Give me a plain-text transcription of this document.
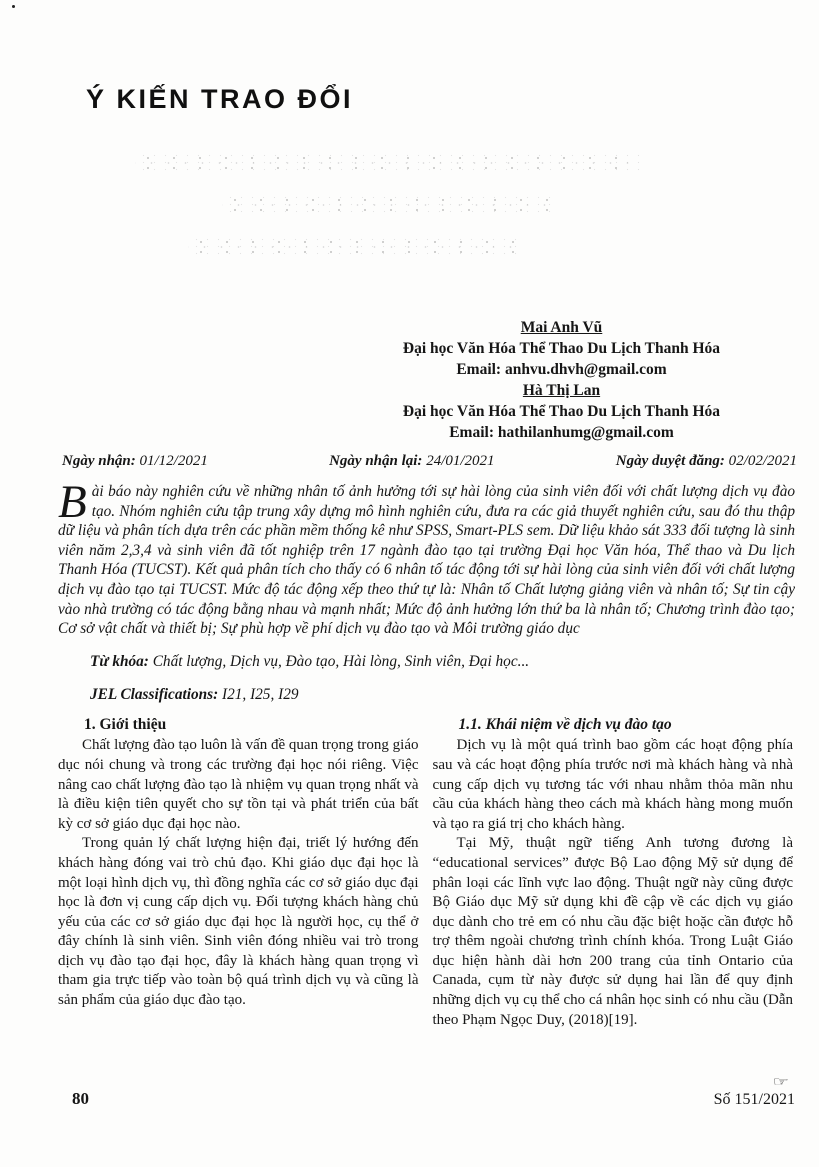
Ý KIẾN TRAO ĐỔI
Mai Anh Vũ
Đại học Văn Hóa Thể Thao Du Lịch Thanh Hóa
Email: anhvu.dhvh@gmail.com
Hà Thị Lan
Đại học Văn Hóa Thể Thao Du Lịch Thanh Hóa
Email: hathilanhumg@gmail.com
Ngày nhận: 01/12/2021	Ngày nhận lại: 24/01/2021	Ngày duyệt đăng: 02/02/2021
Bài báo này nghiên cứu về những nhân tố ảnh hưởng tới sự hài lòng của sinh viên đối với chất lượng dịch vụ đào tạo. Nhóm nghiên cứu tập trung xây dựng mô hình nghiên cứu, đưa ra các giả thuyết nghiên cứu, sau đó thu thập dữ liệu và phân tích dựa trên các phần mềm thống kê như SPSS, Smart-PLS sem. Dữ liệu khảo sát 333 đối tượng là sinh viên năm 2,3,4 và sinh viên đã tốt nghiệp trên 17 ngành đào tạo tại trường Đại học Văn hóa, Thể thao và Du lịch Thanh Hóa (TUCST). Kết quả phân tích cho thấy có 6 nhân tố tác động tới sự hài lòng của sinh viên đối với chất lượng dịch vụ đào tạo tại TUCST. Mức độ tác động xếp theo thứ tự là: Nhân tố Chất lượng giảng viên và nhân tố; Sự tin cậy vào nhà trường có tác động bằng nhau và mạnh nhất; Mức độ ảnh hưởng lớn thứ ba là nhân tố; Chương trình đào tạo; Cơ sở vật chất và thiết bị; Sự phù hợp về phí dịch vụ đào tạo và Môi trường giáo dục
Từ khóa: Chất lượng, Dịch vụ, Đào tạo, Hài lòng, Sinh viên, Đại học...
JEL Classifications: I21, I25, I29
1. Giới thiệu

Chất lượng đào tạo luôn là vấn đề quan trọng trong giáo dục nói chung và trong các trường đại học nói riêng. Việc nâng cao chất lượng đào tạo là nhiệm vụ quan trọng nhất và là điều kiện tiên quyết cho sự tồn tại và phát triển của bất kỳ cơ sở giáo dục đại học nào.

Trong quản lý chất lượng hiện đại, triết lý hướng đến khách hàng đóng vai trò chủ đạo. Khi giáo dục đại học là một loại hình dịch vụ, thì đồng nghĩa các cơ sở giáo dục đại học là đơn vị cung cấp dịch vụ. Đối tượng khách hàng chủ yếu của các cơ sở giáo dục đại học là người học, cụ thể ở đây chính là sinh viên. Sinh viên đóng nhiều vai trò trong dịch vụ đào tạo đại học, đây là khách hàng quan trọng vì tham gia trực tiếp vào toàn bộ quá trình dịch vụ và cũng là sản phẩm của giáo dục đào tạo.

1.1. Khái niệm về dịch vụ đào tạo

Dịch vụ là một quá trình bao gồm các hoạt động phía sau và các hoạt động phía trước nơi mà khách hàng và nhà cung cấp dịch vụ tương tác với nhau nhằm thỏa mãn nhu cầu của khách hàng theo cách mà khách hàng mong muốn và tạo ra giá trị cho khách hàng.

Tại Mỹ, thuật ngữ tiếng Anh tương đương là “educational services” được Bộ Lao động Mỹ sử dụng để phân loại các lĩnh vực lao động. Thuật ngữ này cũng được Bộ Giáo dục Mỹ sử dụng khi đề cập về các dịch vụ giáo dục dành cho trẻ em có nhu cầu đặc biệt hoặc cần được hỗ trợ thêm ngoài chương trình chính khóa. Trong Luật Giáo dục hiện hành dài hơn 200 trang của tỉnh Ontario của Canada, cụm từ này được sử dụng hai lần để quy định những dịch vụ cụ thể cho cá nhân học sinh có nhu cầu (Dẫn theo Phạm Ngọc Duy, (2018)[19].

80
☞
Số 151/2021
